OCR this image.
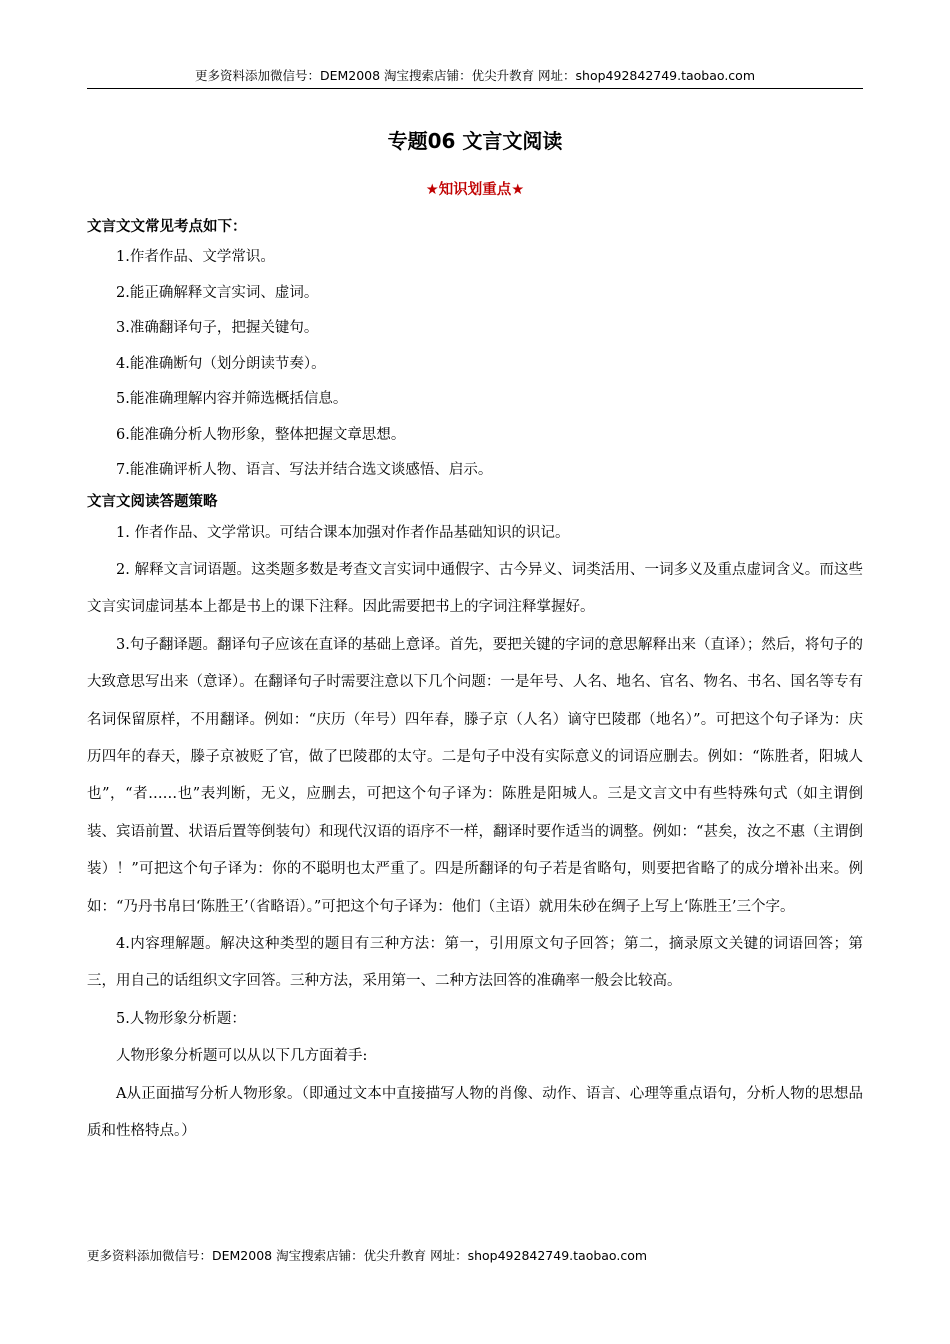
更多资料添加微信号：DEM2008 淘宝搜索店铺：优尖升教育 网址：shop492842749.taobao.com
专题06 文言文阅读
★知识划重点★
文言文文常见考点如下：
1.作者作品、文学常识。
2.能正确解释文言实词、虚词。
3.准确翻译句子，把握关键句。
4.能准确断句（划分朗读节奏）。
5.能准确理解内容并筛选概括信息。
6.能准确分析人物形象，整体把握文章思想。
7.能准确评析人物、语言、写法并结合选文谈感悟、启示。
文言文阅读答题策略

1. 作者作品、文学常识。可结合课本加强对作者作品基础知识的识记。

2. 解释文言词语题。这类题多数是考查文言实词中通假字、古今异义、词类活用、一词多义及重点虚词含义。而这些文言实词虚词基本上都是书上的课下注释。因此需要把书上的字词注释掌握好。

3.句子翻译题。翻译句子应该在直译的基础上意译。首先，要把关键的字词的意思解释出来（直译）；然后，将句子的大致意思写出来（意译）。在翻译句子时需要注意以下几个问题：一是年号、人名、地名、官名、物名、书名、国名等专有名词保留原样，不用翻译。例如：“庆历（年号）四年春，滕子京（人名）谪守巴陵郡（地名）”。可把这个句子译为：庆历四年的春天，滕子京被贬了官，做了巴陵郡的太守。二是句子中没有实际意义的词语应删去。例如：“陈胜者，阳城人也”，“者……也”表判断，无义，应删去，可把这个句子译为：陈胜是阳城人。三是文言文中有些特殊句式（如主谓倒装、宾语前置、状语后置等倒装句）和现代汉语的语序不一样，翻译时要作适当的调整。例如：“甚矣，汝之不惠（主谓倒装）！”可把这个句子译为：你的不聪明也太严重了。四是所翻译的句子若是省略句，则要把省略了的成分增补出来。例如：“乃丹书帛曰‘陈胜王’（省略语）。”可把这个句子译为：他们（主语）就用朱砂在绸子上写上‘陈胜王’三个字。

4.内容理解题。解决这种类型的题目有三种方法：第一，引用原文句子回答；第二，摘录原文关键的词语回答；第三，用自己的话组织文字回答。三种方法，采用第一、二种方法回答的准确率一般会比较高。

5.人物形象分析题：

人物形象分析题可以从以下几方面着手:

A从正面描写分析人物形象。（即通过文本中直接描写人物的肖像、动作、语言、心理等重点语句，分析人物的思想品质和性格特点。）

更多资料添加微信号：DEM2008 淘宝搜索店铺：优尖升教育 网址：shop492842749.taobao.com
